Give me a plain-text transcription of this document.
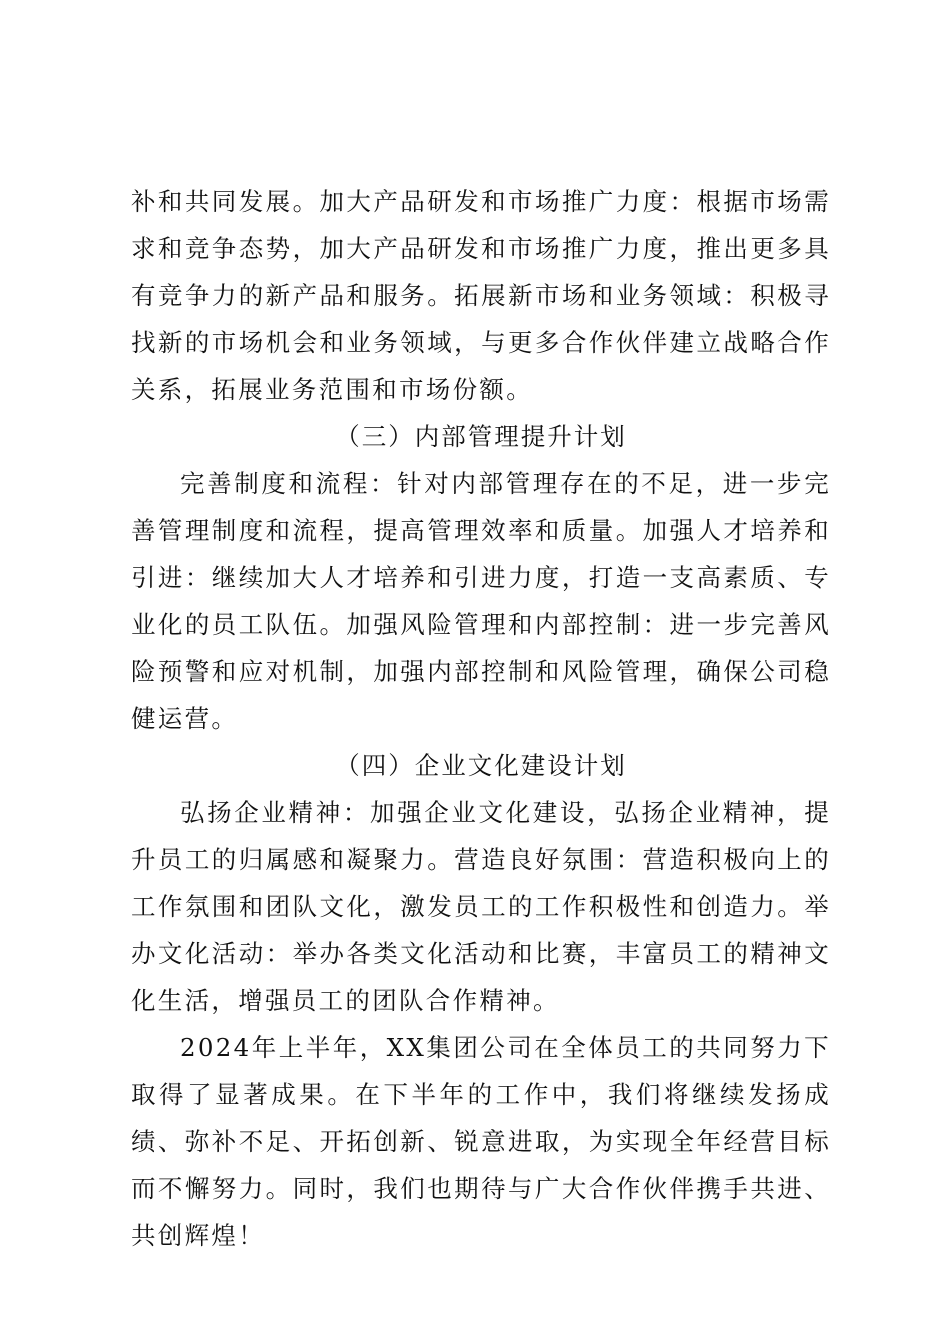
补和共同发展。加大产品研发和市场推广力度：根据市场需求和竞争态势，加大产品研发和市场推广力度，推出更多具有竞争力的新产品和服务。拓展新市场和业务领域：积极寻找新的市场机会和业务领域，与更多合作伙伴建立战略合作关系，拓展业务范围和市场份额。

（三）内部管理提升计划

完善制度和流程：针对内部管理存在的不足，进一步完善管理制度和流程，提高管理效率和质量。加强人才培养和引进：继续加大人才培养和引进力度，打造一支高素质、专业化的员工队伍。加强风险管理和内部控制：进一步完善风险预警和应对机制，加强内部控制和风险管理，确保公司稳健运营。

（四）企业文化建设计划

弘扬企业精神：加强企业文化建设，弘扬企业精神，提升员工的归属感和凝聚力。营造良好氛围：营造积极向上的工作氛围和团队文化，激发员工的工作积极性和创造力。举办文化活动：举办各类文化活动和比赛，丰富员工的精神文化生活，增强员工的团队合作精神。

2024年上半年，XX集团公司在全体员工的共同努力下取得了显著成果。在下半年的工作中，我们将继续发扬成绩、弥补不足、开拓创新、锐意进取，为实现全年经营目标而不懈努力。同时，我们也期待与广大合作伙伴携手共进、共创辉煌！
